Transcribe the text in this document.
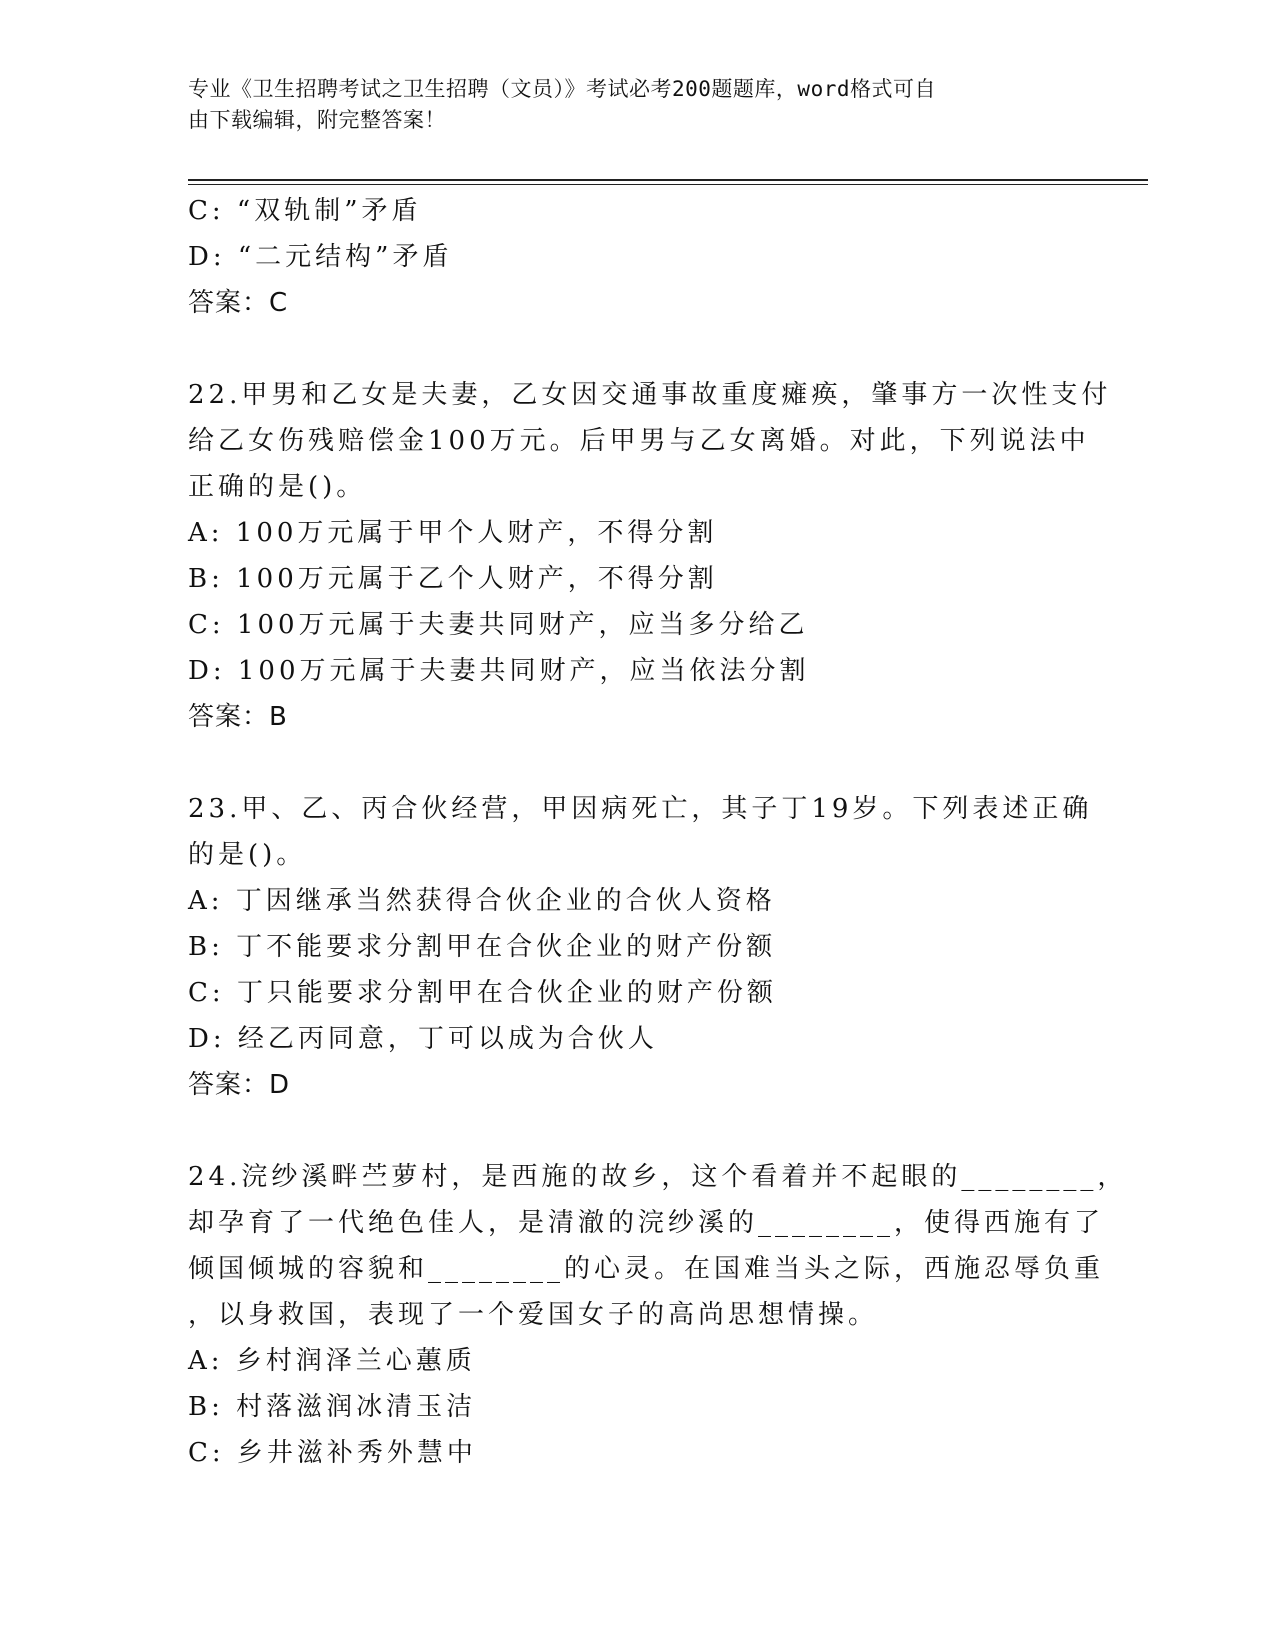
专业《卫生招聘考试之卫生招聘（文员）》考试必考200题题库，word格式可自
由下载编辑，附完整答案！
C: “双轨制”矛盾
D: “二元结构”矛盾
答案：C
22.甲男和乙女是夫妻，乙女因交通事故重度瘫痪，肇事方一次性支付
给乙女伤残赔偿金100万元。后甲男与乙女离婚。对此，下列说法中
正确的是()。
A: 100万元属于甲个人财产，不得分割
B: 100万元属于乙个人财产，不得分割
C: 100万元属于夫妻共同财产，应当多分给乙
D: 100万元属于夫妻共同财产，应当依法分割
答案：B
23.甲、乙、丙合伙经营，甲因病死亡，其子丁19岁。下列表述正确
的是()。
A: 丁因继承当然获得合伙企业的合伙人资格
B: 丁不能要求分割甲在合伙企业的财产份额
C: 丁只能要求分割甲在合伙企业的财产份额
D: 经乙丙同意，丁可以成为合伙人
答案：D
24.浣纱溪畔苎萝村，是西施的故乡，这个看着并不起眼的________，
却孕育了一代绝色佳人，是清澈的浣纱溪的________，使得西施有了
倾国倾城的容貌和________的心灵。在国难当头之际，西施忍辱负重
，以身救国，表现了一个爱国女子的高尚思想情操。
A: 乡村润泽兰心蕙质
B: 村落滋润冰清玉洁
C: 乡井滋补秀外慧中
